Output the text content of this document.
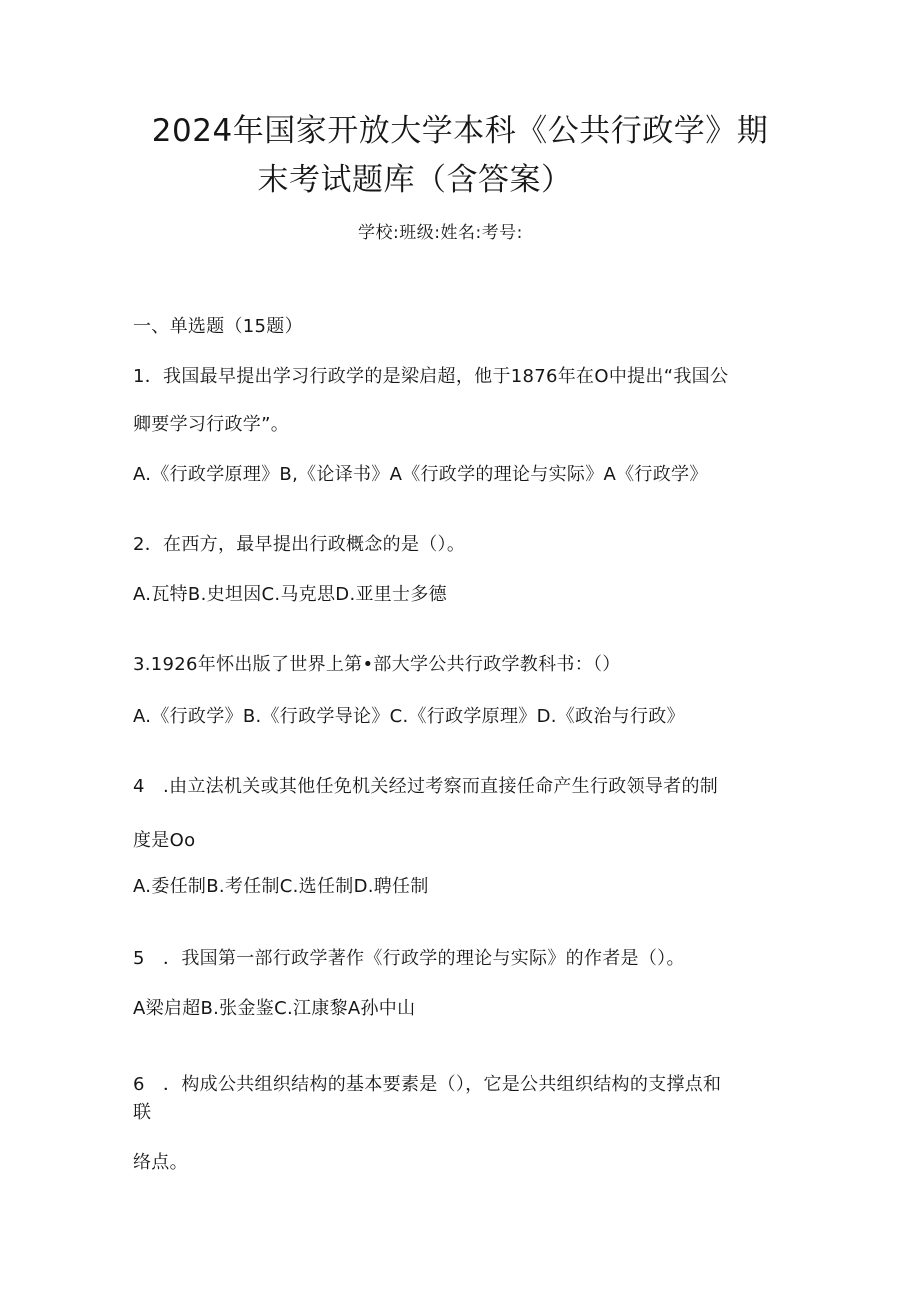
2024年国家开放大学本科《公共行政学》期
末考试题库（含答案）
学校:班级:姓名:考号:
一、单选题（15题）
1．我国最早提出学习行政学的是梁启超，他于1876年在O中提出“我国公
卿要学习行政学”。
A.《行政学原理》B,《论译书》A《行政学的理论与实际》A《行政学》
2．在西方，最早提出行政概念的是（）。
A.瓦特B.史坦因C.马克思D.亚里士多德
3.1926年怀出版了世界上第•部大学公共行政学教科书：（）
A.《行政学》B.《行政学导论》C.《行政学原理》D.《政治与行政》
4　.由立法机关或其他任免机关经过考察而直接任命产生行政领导者的制
度是Oo
A.委任制B.考任制C.选任制D.聘任制
5　．我国第一部行政学著作《行政学的理论与实际》的作者是（）。
A梁启超B.张金鉴C.江康黎A孙中山
6　．构成公共组织结构的基本要素是（），它是公共组织结构的支撑点和
联
络点。
